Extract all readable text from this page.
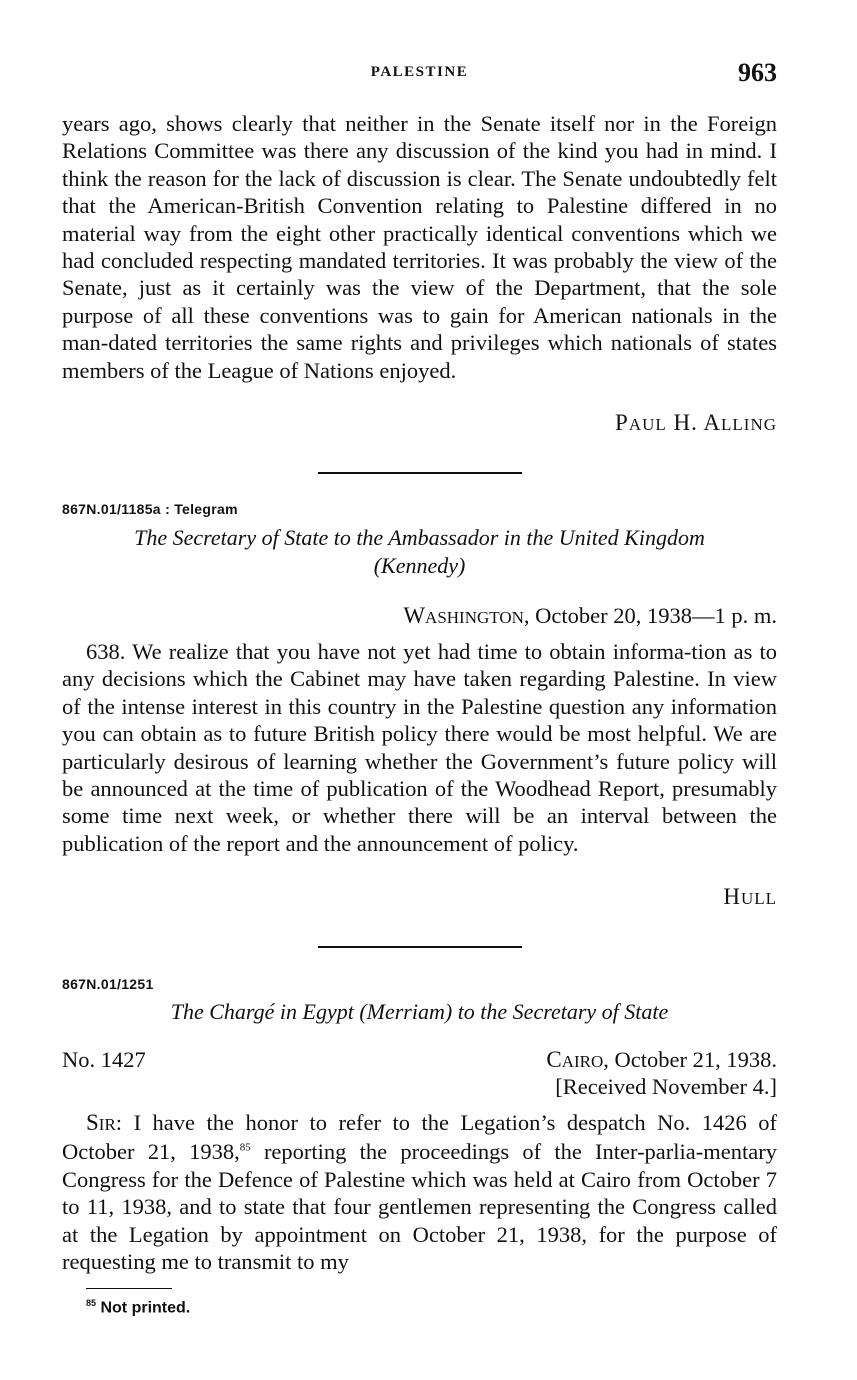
PALESTINE	963

years ago, shows clearly that neither in the Senate itself nor in the Foreign Relations Committee was there any discussion of the kind you had in mind. I think the reason for the lack of discussion is clear. The Senate undoubtedly felt that the American-British Convention relating to Palestine differed in no material way from the eight other practically identical conventions which we had concluded respecting mandated territories. It was probably the view of the Senate, just as it certainly was the view of the Department, that the sole purpose of all these conventions was to gain for American nationals in the man-dated territories the same rights and privileges which nationals of states members of the League of Nations enjoyed.

PAUL H. ALLING
867N.01/1185a : Telegram
The Secretary of State to the Ambassador in the United Kingdom
(Kennedy)
WASHINGTON, October 20, 1938—1 p. m.

638. We realize that you have not yet had time to obtain informa-tion as to any decisions which the Cabinet may have taken regarding Palestine. In view of the intense interest in this country in the Palestine question any information you can obtain as to future British policy there would be most helpful. We are particularly desirous of learning whether the Government’s future policy will be announced at the time of publication of the Woodhead Report, presumably some time next week, or whether there will be an interval between the publication of the report and the announcement of policy.

HULL
867N.01/1251
The Chargé in Egypt (Merriam) to the Secretary of State
No. 1427	CAIRO, October 21, 1938.
[Received November 4.]

SIR: I have the honor to refer to the Legation’s despatch No. 1426 of October 21, 1938,85 reporting the proceedings of the Inter-parlia-mentary Congress for the Defence of Palestine which was held at Cairo from October 7 to 11, 1938, and to state that four gentlemen representing the Congress called at the Legation by appointment on October 21, 1938, for the purpose of requesting me to transmit to my

$^{85}$ Not printed.
